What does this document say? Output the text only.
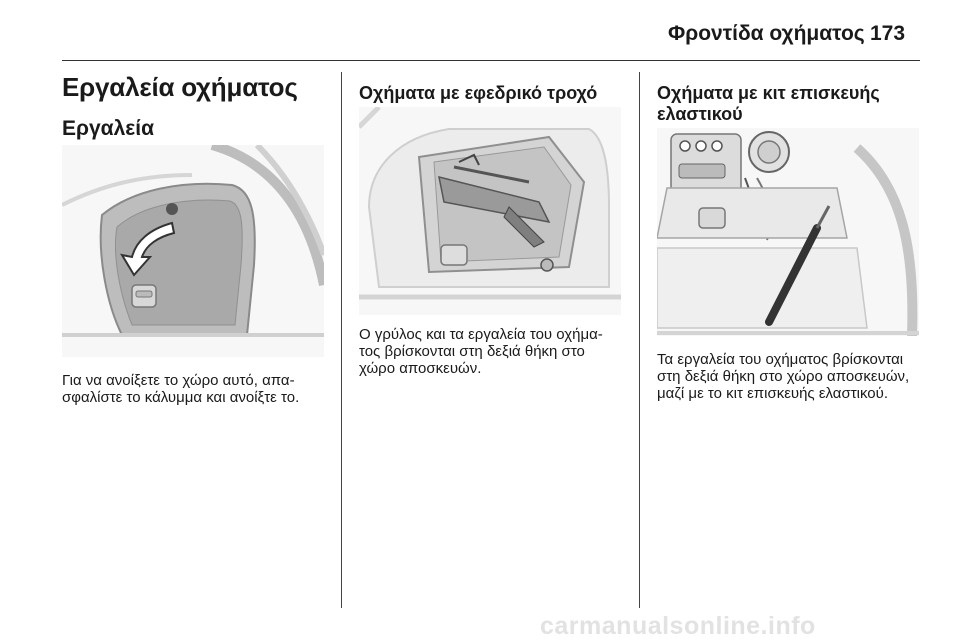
Φροντίδα οχήματος 173
Εργαλεία οχήματος
Εργαλεία
Για να ανοίξετε το χώρο αυτό, απα-
σφαλίστε το κάλυμμα και ανοίξτε το.
Οχήματα με εφεδρικό τροχό
Ο γρύλος και τα εργαλεία του οχήμα-
τος βρίσκονται στη δεξιά θήκη στο
χώρο αποσκευών.
Οχήματα με κιτ επισκευής
ελαστικού
Τα εργαλεία του οχήματος βρίσκονται
στη δεξιά θήκη στο χώρο αποσκευών,
μαζί με το κιτ επισκευής ελαστικού.
carmanualsonline.info
